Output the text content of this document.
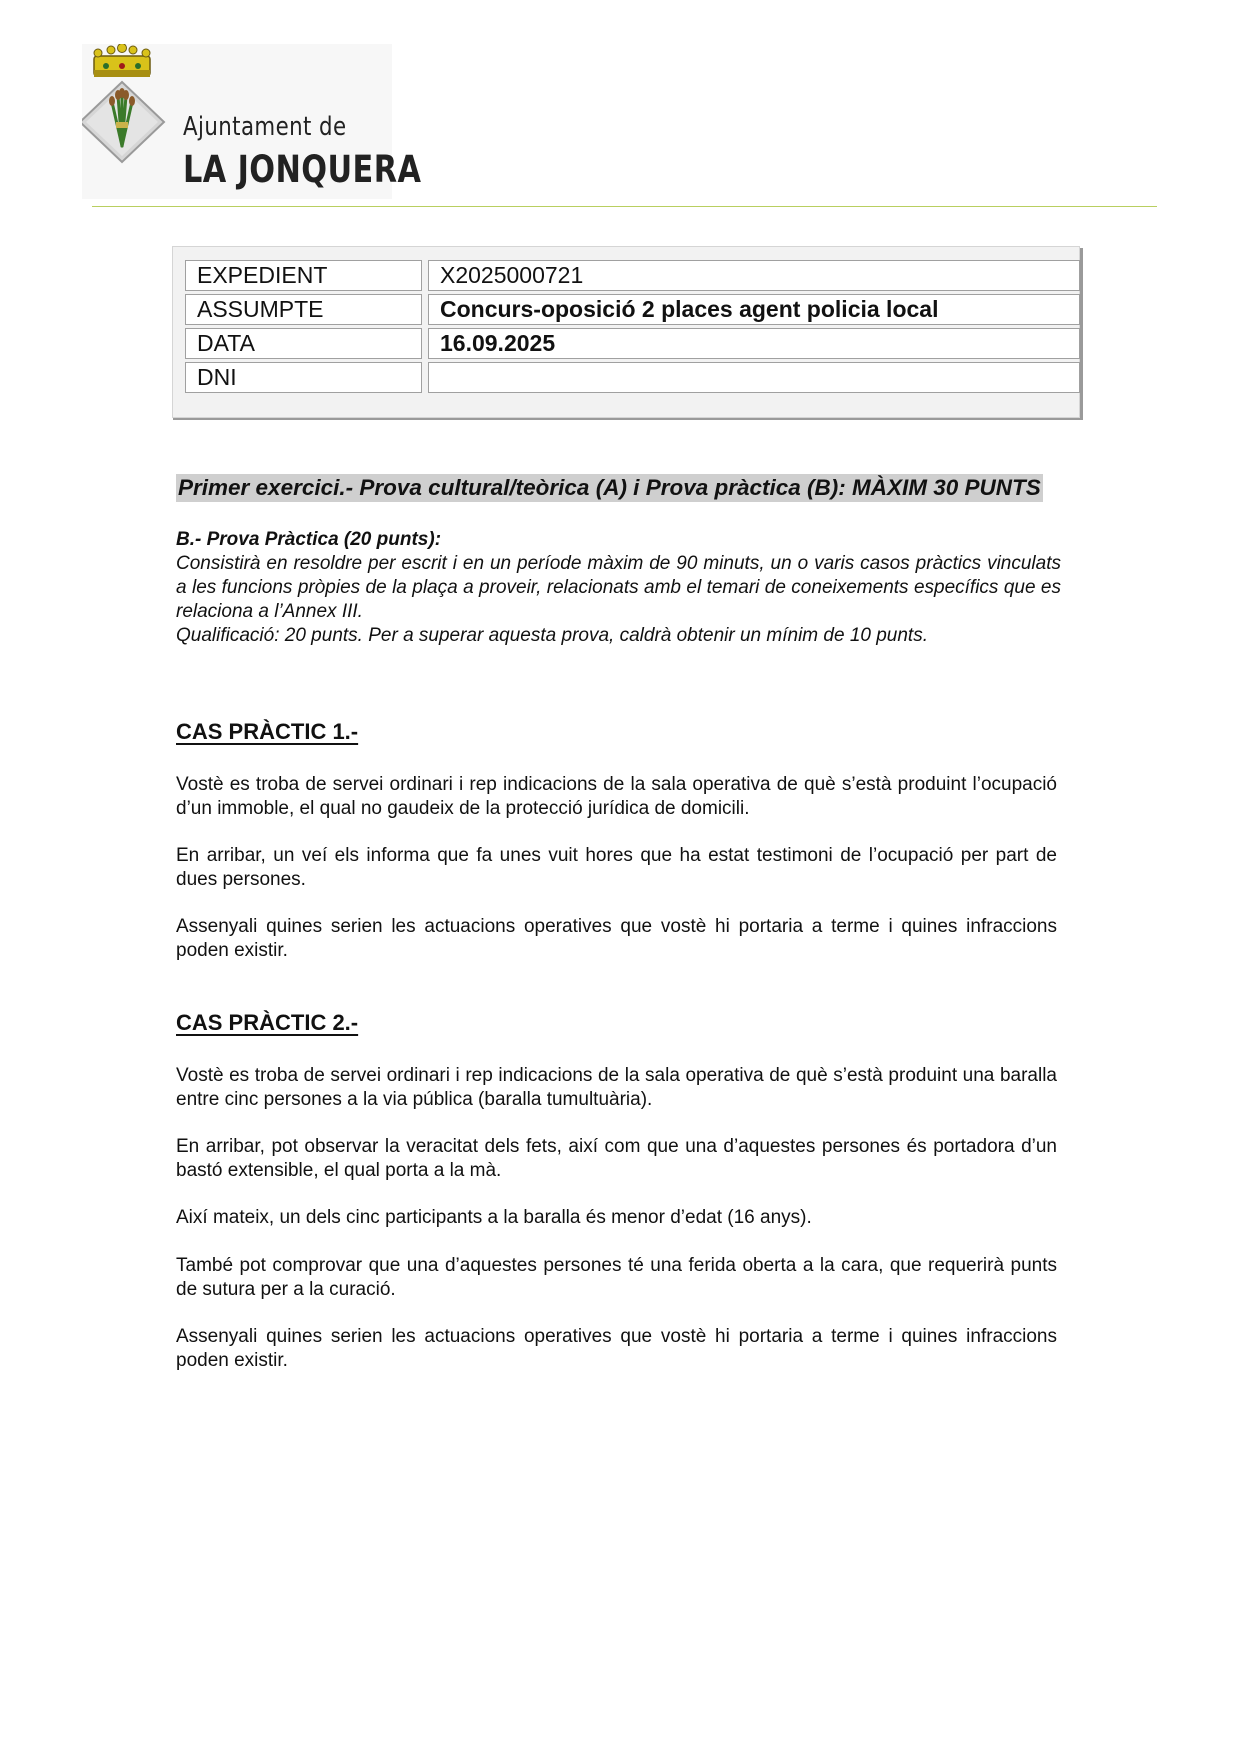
Ajuntament de
LA JONQUERA
EXPEDIENT	X2025000721
ASSUMPTE	Concurs-oposició 2 places agent policia local
DATA	16.09.2025
DNI	
Primer exercici.- Prova cultural/teòrica (A) i Prova pràctica (B): MÀXIM 30 PUNTS
B.- Prova Pràctica (20 punts):
Consistirà en resoldre per escrit i en un període màxim de 90 minuts, un o varis casos pràctics vinculats a les funcions pròpies de la plaça a proveir, relacionats amb el temari de coneixements específics que es relaciona a l’Annex III.
Qualificació: 20 punts. Per a superar aquesta prova, caldrà obtenir un mínim de 10 punts.
CAS PRÀCTIC 1.-
Vostè es troba de servei ordinari i rep indicacions de la sala operativa de què s’està produint l’ocupació d’un immoble, el qual no gaudeix de la protecció jurídica de domicili.
En arribar, un veí els informa que fa unes vuit hores que ha estat testimoni de l’ocupació per part de dues persones.
Assenyali quines serien les actuacions operatives que vostè hi portaria a terme i quines infraccions poden existir.
CAS PRÀCTIC 2.-
Vostè es troba de servei ordinari i rep indicacions de la sala operativa de què s’està produint una baralla entre cinc persones a la via pública (baralla tumultuària).
En arribar, pot observar la veracitat dels fets, així com que una d’aquestes persones és portadora d’un bastó extensible, el qual porta a la mà.
Així mateix, un dels cinc participants a la baralla és menor d’edat (16 anys).
També pot comprovar que una d’aquestes persones té una ferida oberta a la cara, que requerirà punts de sutura per a la curació.
Assenyali quines serien les actuacions operatives que vostè hi portaria a terme i quines infraccions poden existir.
